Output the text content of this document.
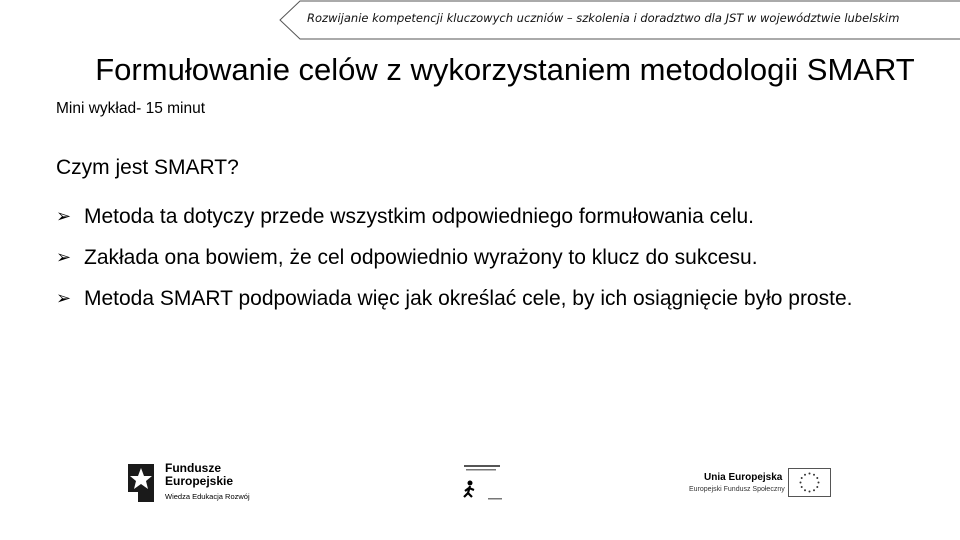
Rozwijanie kompetencji kluczowych uczniów – szkolenia i doradztwo dla JST w województwie lubelskim
Formułowanie celów z wykorzystaniem metodologii SMART
Mini wykład- 15 minut
Czym jest SMART?
➢ Metoda ta dotyczy przede wszystkim odpowiedniego formułowania celu.
➢ Zakłada ona bowiem, że cel odpowiednio wyrażony to klucz do sukcesu.
➢ Metoda SMART podpowiada więc jak określać cele, by ich osiągnięcie było proste.
Fundusze
Europejskie
Wiedza Edukacja Rozwój
Unia Europejska
Europejski Fundusz Społeczny
